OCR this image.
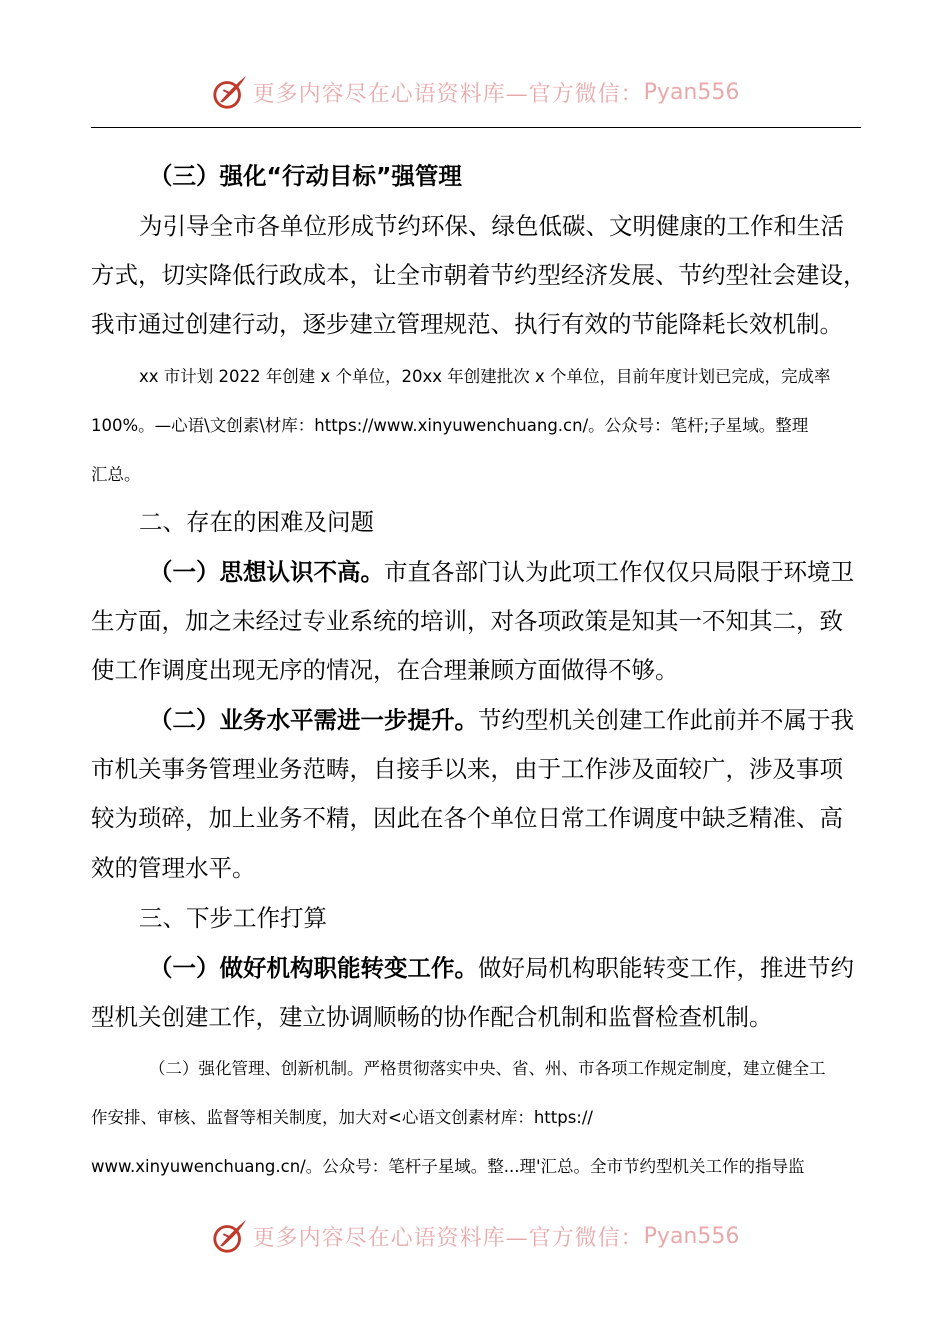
更多内容尽在心语资料库—官方微信： Pyan556
（三）强化“行动目标”强管理
为引导全市各单位形成节约环保、绿色低碳、文明健康的工作和生活
方式，切实降低行政成本，让全市朝着节约型经济发展、节约型社会建设，
我市通过创建行动，逐步建立管理规范、执行有效的节能降耗长效机制。
xx 市计划 2022 年创建 x 个单位，20xx 年创建批次 x 个单位，目前年度计划已完成，完成率
100%。—心语\文创素\材库：https://www.xinyuwenchuang.cn/。公众号：笔杆;子星域。整理
汇总。
二、存在的困难及问题
（一）思想认识不高。市直各部门认为此项工作仅仅只局限于环境卫
生方面，加之未经过专业系统的培训，对各项政策是知其一不知其二，致
使工作调度出现无序的情况，在合理兼顾方面做得不够。
（二）业务水平需进一步提升。节约型机关创建工作此前并不属于我
市机关事务管理业务范畴，自接手以来，由于工作涉及面较广，涉及事项
较为琐碎，加上业务不精，因此在各个单位日常工作调度中缺乏精准、高
效的管理水平。
三、下步工作打算
（一）做好机构职能转变工作。做好局机构职能转变工作，推进节约
型机关创建工作，建立协调顺畅的协作配合机制和监督检查机制。
（二）强化管理、创新机制。严格贯彻落实中央、省、州、市各项工作规定制度，建立健全工
作安排、审核、监督等相关制度，加大对<心语文创素材库：https://
www.xinyuwenchuang.cn/。公众号：笔杆子星域。整...理'汇总。全市节约型机关工作的指导监
更多内容尽在心语资料库—官方微信： Pyan556
